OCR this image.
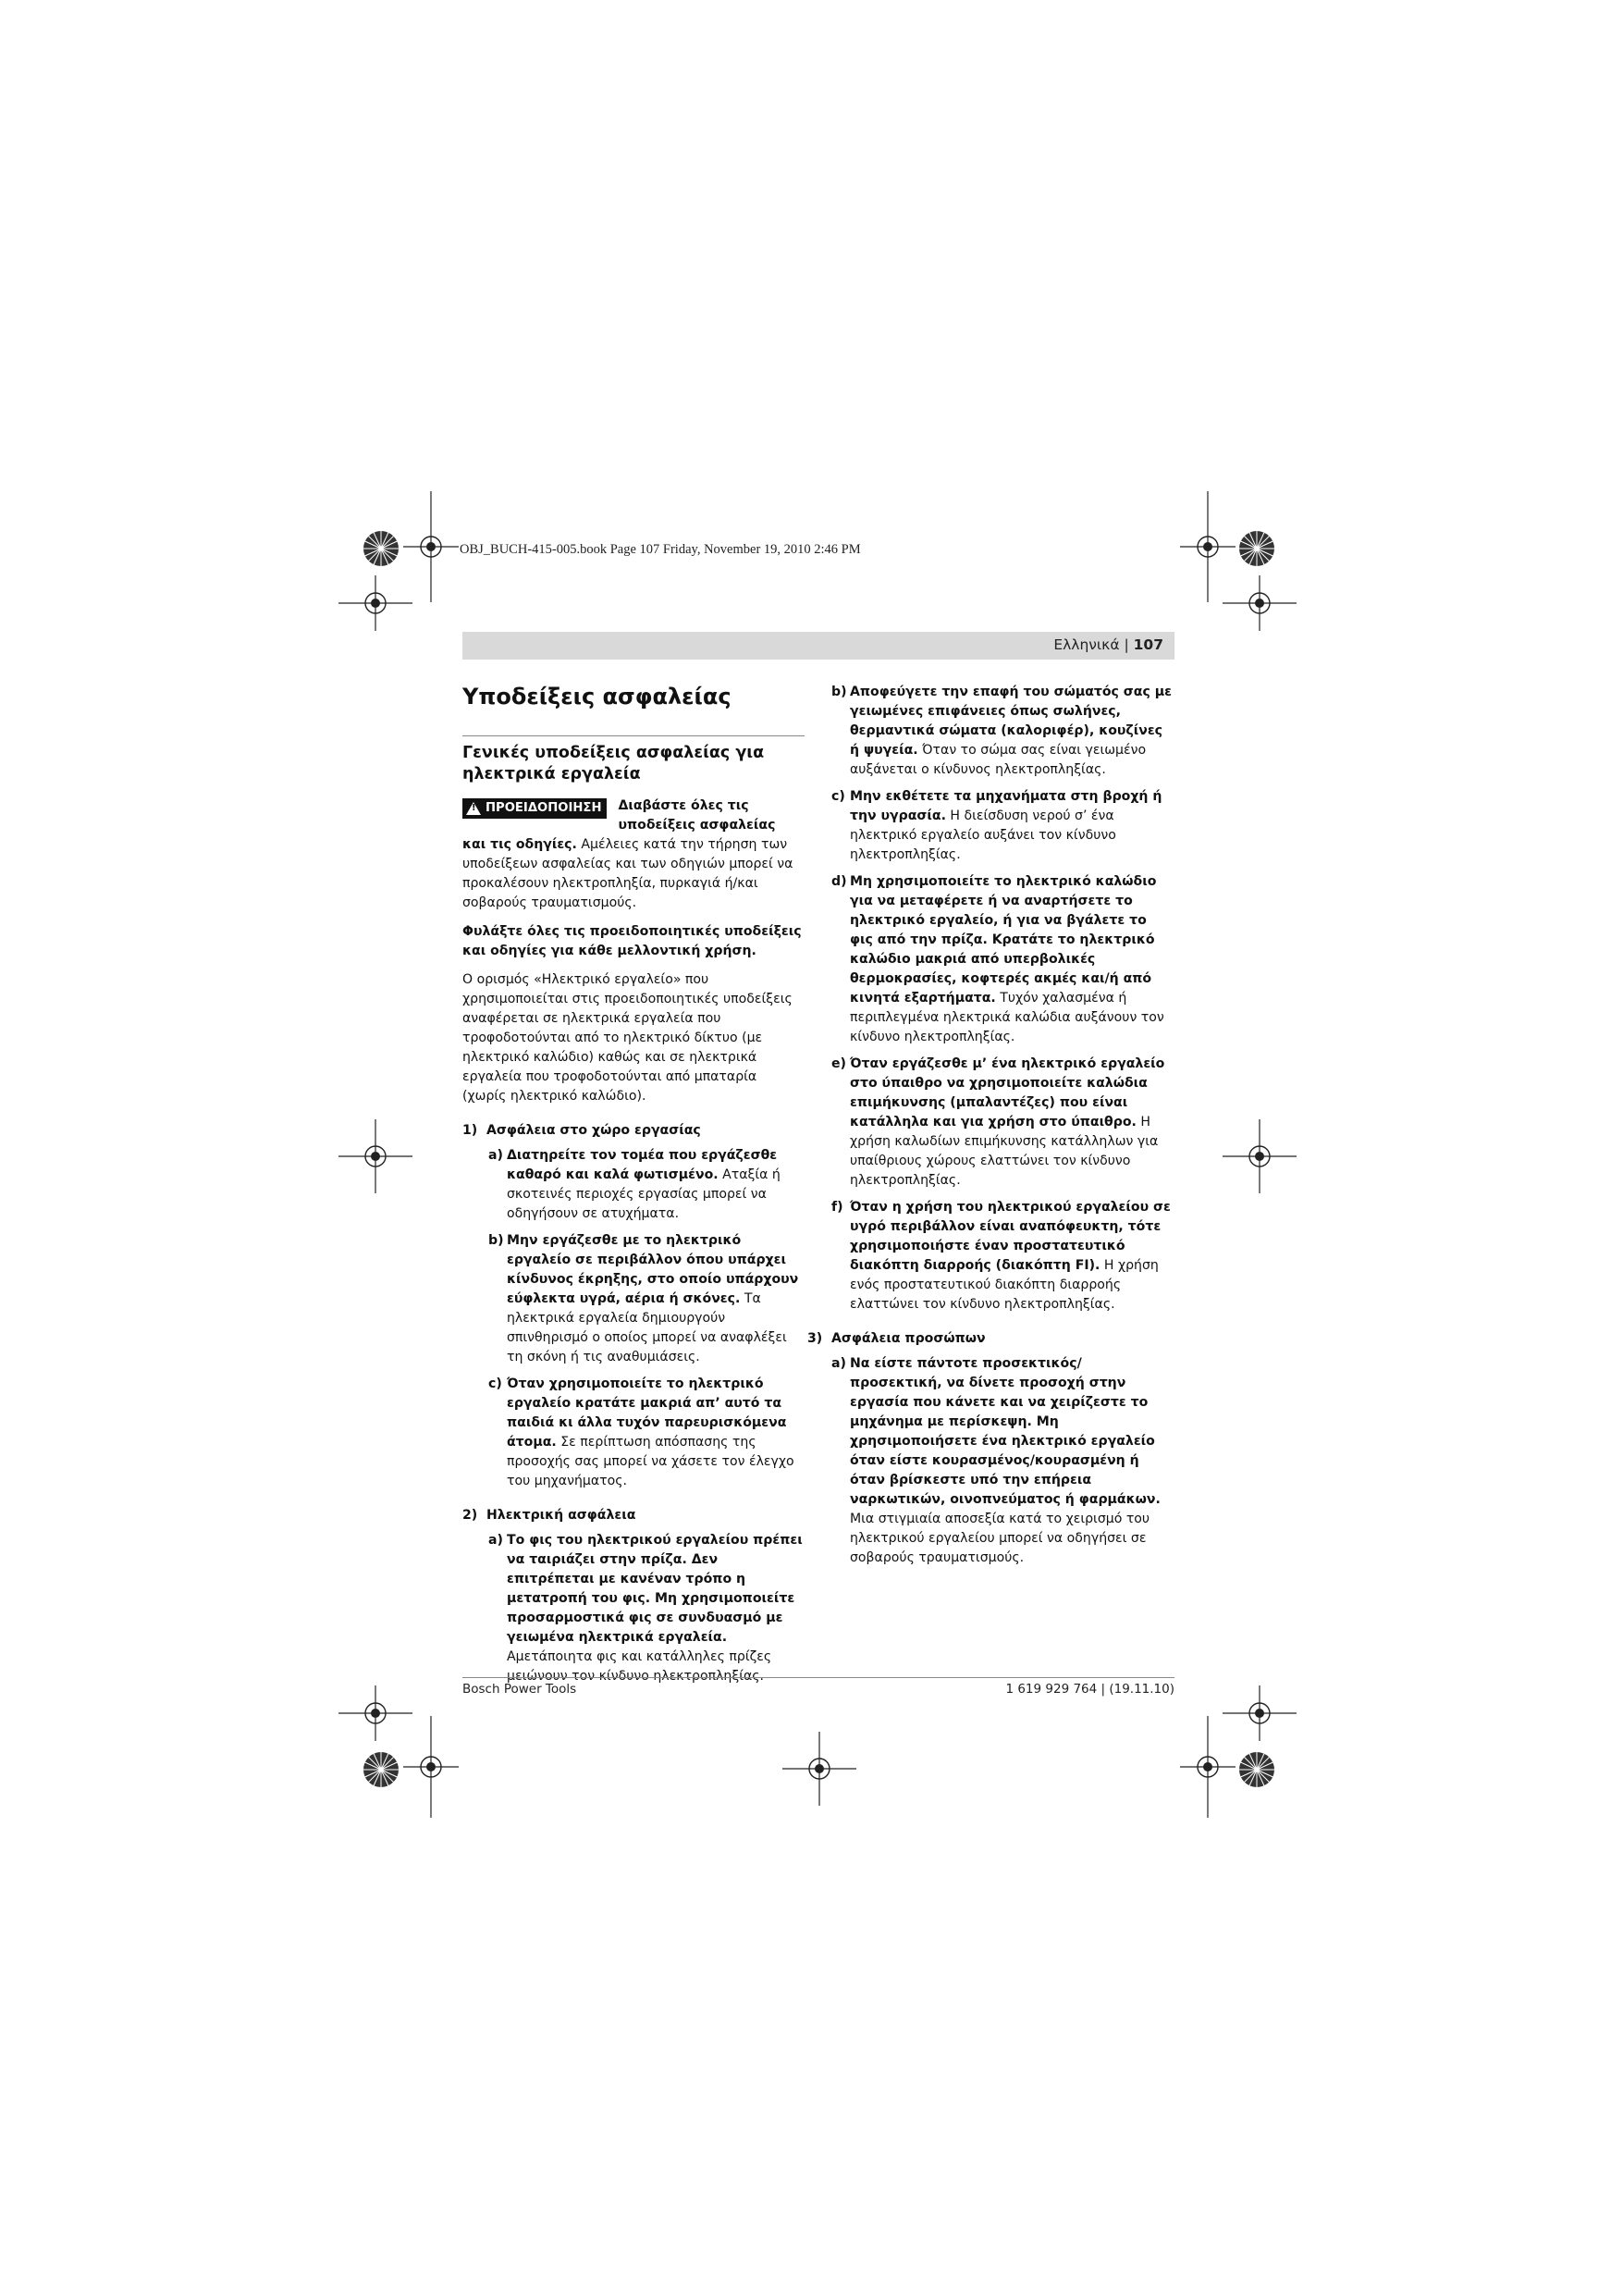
OBJ_BUCH-415-005.book Page 107 Friday, November 19, 2010 2:46 PM
Ελληνικά | 107
Υποδείξεις ασφαλείας
Γενικές υποδείξεις ασφαλείας για ηλεκτρικά εργαλεία
!
ΠΡΟΕΙΔΟΠΟΙΗΣΗ Διαβάστε όλες τις υποδείξεις ασφαλείας

και τις οδηγίες. Αμέλειες κατά την τήρηση των υποδείξεων ασφαλείας και των οδηγιών μπορεί να προκαλέσουν ηλεκτροπληξία, πυρκαγιά ή/και σοβαρούς τραυματισμούς.

Φυλάξτε όλες τις προειδοποιητικές υποδείξεις και οδηγίες για κάθε μελλοντική χρήση.

Ο ορισμός «Ηλεκτρικό εργαλείο» που χρησιμοποιείται στις προειδοποιητικές υποδείξεις αναφέρεται σε ηλεκτρικά εργαλεία που τροφοδοτούνται από το ηλεκτρικό δίκτυο (με ηλεκτρικό καλώδιο) καθώς και σε ηλεκτρικά εργαλεία που τροφοδοτούνται από μπαταρία (χωρίς ηλεκτρικό καλώδιο).

1) Ασφάλεια στο χώρο εργασίας
a) Διατηρείτε τον τομέα που εργάζεσθε καθαρό και καλά φωτισμένο. Αταξία ή σκοτεινές περιοχές εργασίας μπορεί να οδηγήσουν σε ατυχήματα.
b) Μην εργάζεσθε με το ηλεκτρικό εργαλείο σε περιβάλλον όπου υπάρχει κίνδυνος έκρηξης, στο οποίο υπάρχουν εύφλεκτα υγρά, αέρια ή σκόνες. Τα ηλεκτρικά εργαλεία δημιουργούν σπινθηρισμό ο οποίος μπορεί να αναφλέξει τη σκόνη ή τις αναθυμιάσεις.
c) Όταν χρησιμοποιείτε το ηλεκτρικό εργαλείο κρατάτε μακριά απ’ αυτό τα παιδιά κι άλλα τυχόν παρευρισκόμενα άτομα. Σε περίπτωση απόσπασης της προσοχής σας μπορεί να χάσετε τον έλεγχο του μηχανήματος.
2) Ηλεκτρική ασφάλεια
a) Το φις του ηλεκτρικού εργαλείου πρέπει να ταιριάζει στην πρίζα. Δεν επιτρέπεται με κανέναν τρόπο η μετατροπή του φις. Μη χρησιμοποιείτε προσαρμοστικά φις σε συνδυασμό με γειωμένα ηλεκτρικά εργαλεία. Αμετάποιητα φις και κατάλληλες πρίζες μειώνουν τον κίνδυνο ηλεκτροπληξίας.
b) Αποφεύγετε την επαφή του σώματός σας με γειωμένες επιφάνειες όπως σωλήνες, θερμαντικά σώματα (καλοριφέρ), κουζίνες ή ψυγεία. Όταν το σώμα σας είναι γειωμένο αυξάνεται ο κίνδυνος ηλεκτροπληξίας.
c) Μην εκθέτετε τα μηχανήματα στη βροχή ή την υγρασία. Η διείσδυση νερού σ’ ένα ηλεκτρικό εργαλείο αυξάνει τον κίνδυνο ηλεκτροπληξίας.
d) Μη χρησιμοποιείτε το ηλεκτρικό καλώδιο για να μεταφέρετε ή να αναρτήσετε το ηλεκτρικό εργαλείο, ή για να βγάλετε το φις από την πρίζα. Κρατάτε το ηλεκτρικό καλώδιο μακριά από υπερβολικές θερμοκρασίες, κοφτερές ακμές και/ή από κινητά εξαρτήματα. Τυχόν χαλασμένα ή περιπλεγμένα ηλεκτρικά καλώδια αυξάνουν τον κίνδυνο ηλεκτροπληξίας.
e) Όταν εργάζεσθε μ’ ένα ηλεκτρικό εργαλείο στο ύπαιθρο να χρησιμοποιείτε καλώδια επιμήκυνσης (μπαλαντέζες) που είναι κατάλληλα και για χρήση στο ύπαιθρο. Η χρήση καλωδίων επιμήκυνσης κατάλληλων για υπαίθριους χώρους ελαττώνει τον κίνδυνο ηλεκτροπληξίας.
f) Όταν η χρήση του ηλεκτρικού εργαλείου σε υγρό περιβάλλον είναι αναπόφευκτη, τότε χρησιμοποιήστε έναν προστατευτικό διακόπτη διαρροής (διακόπτη FI). Η χρήση ενός προστατευτικού διακόπτη διαρροής ελαττώνει τον κίνδυνο ηλεκτροπληξίας.
3) Ασφάλεια προσώπων
a) Να είστε πάντοτε προσεκτικός/προσεκτική, να δίνετε προσοχή στην εργασία που κάνετε και να χειρίζεστε το μηχάνημα με περίσκεψη. Μη χρησιμοποιήσετε ένα ηλεκτρικό εργαλείο όταν είστε κουρασμένος/κουρασμένη ή όταν βρίσκεστε υπό την επήρεια ναρκωτικών, οινοπνεύματος ή φαρμάκων. Μια στιγμιαία αποσεξία κατά το χειρισμό του ηλεκτρικού εργαλείου μπορεί να οδηγήσει σε σοβαρούς τραυματισμούς.
Bosch Power Tools	1 619 929 764 | (19.11.10)
